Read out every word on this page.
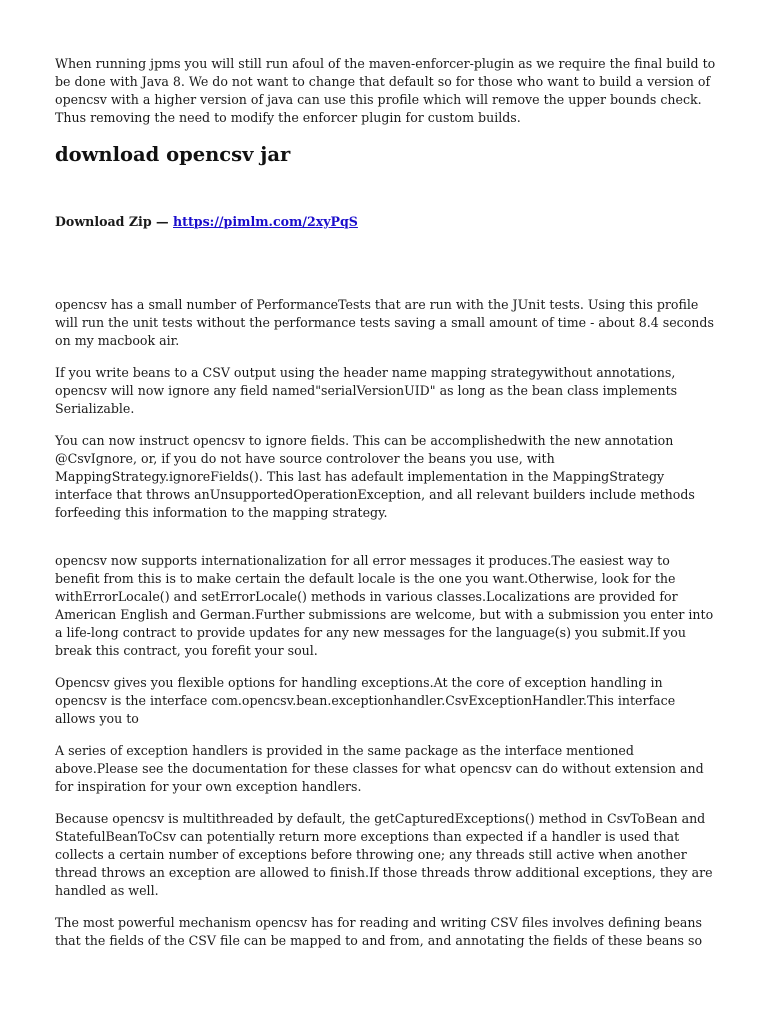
When running jpms you will still run afoul of the maven-enforcer-plugin as we require the final build to be done with Java 8. We do not want to change that default so for those who want to build a version of opencsv with a higher version of java can use this profile which will remove the upper bounds check. Thus removing the need to modify the enforcer plugin for custom builds.

download opencsv jar

Download Zip — https://pimlm.com/2xyPqS

opencsv has a small number of PerformanceTests that are run with the JUnit tests. Using this profile will run the unit tests without the performance tests saving a small amount of time - about 8.4 seconds on my macbook air.

If you write beans to a CSV output using the header name mapping strategywithout annotations, opencsv will now ignore any field named"serialVersionUID" as long as the bean class implements Serializable.

You can now instruct opencsv to ignore fields. This can be accomplishedwith the new annotation @CsvIgnore, or, if you do not have source controlover the beans you use, with MappingStrategy.ignoreFields(). This last has adefault implementation in the MappingStrategy interface that throws anUnsupportedOperationException, and all relevant builders include methods forfeeding this information to the mapping strategy.

opencsv now supports internationalization for all error messages it produces.The easiest way to benefit from this is to make certain the default locale is the one you want.Otherwise, look for the withErrorLocale() and setErrorLocale() methods in various classes.Localizations are provided for American English and German.Further submissions are welcome, but with a submission you enter into a life-long contract to provide updates for any new messages for the language(s) you submit.If you break this contract, you forefit your soul.

Opencsv gives you flexible options for handling exceptions.At the core of exception handling in opencsv is the interface com.opencsv.bean.exceptionhandler.CsvExceptionHandler.This interface allows you to

A series of exception handlers is provided in the same package as the interface mentioned above.Please see the documentation for these classes for what opencsv can do without extension and for inspiration for your own exception handlers.

Because opencsv is multithreaded by default, the getCapturedExceptions() method in CsvToBean and StatefulBeanToCsv can potentially return more exceptions than expected if a handler is used that collects a certain number of exceptions before throwing one; any threads still active when another thread throws an exception are allowed to finish.If those threads throw additional exceptions, they are handled as well.

The most powerful mechanism opencsv has for reading and writing CSV files involves defining beans that the fields of the CSV file can be mapped to and from, and annotating the fields of these beans so
